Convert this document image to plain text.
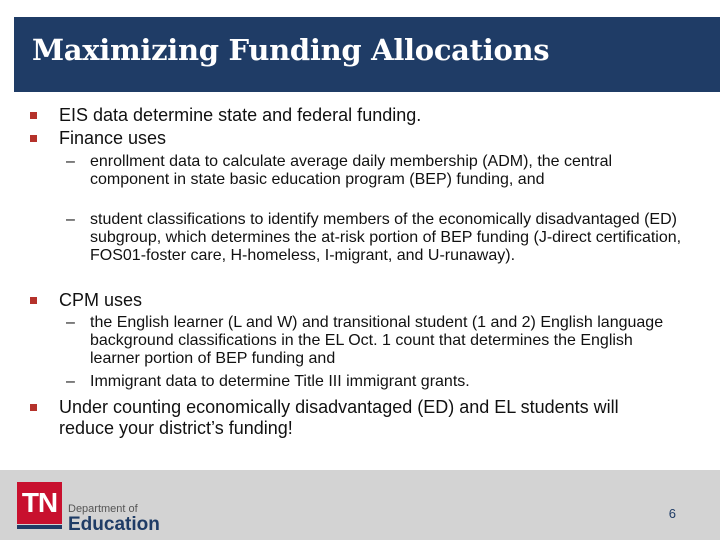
Maximizing Funding Allocations
EIS data determine state and federal funding.
Finance uses
– enrollment data to calculate average daily membership (ADM), the central component in state basic education program (BEP) funding, and
– student classifications to identify members of the economically disadvantaged (ED) subgroup, which determines the at-risk portion of BEP funding (J-direct certification, FOS01-foster care, H-homeless, I-migrant, and U-runaway).
CPM uses
– the English learner (L and W) and transitional student (1 and 2) English language background classifications in the EL Oct. 1 count that determines the English learner portion of BEP funding and
– Immigrant data to determine Title III immigrant grants.
Under counting economically disadvantaged (ED) and EL students will reduce your district’s funding!
TN Department of
Education
6
